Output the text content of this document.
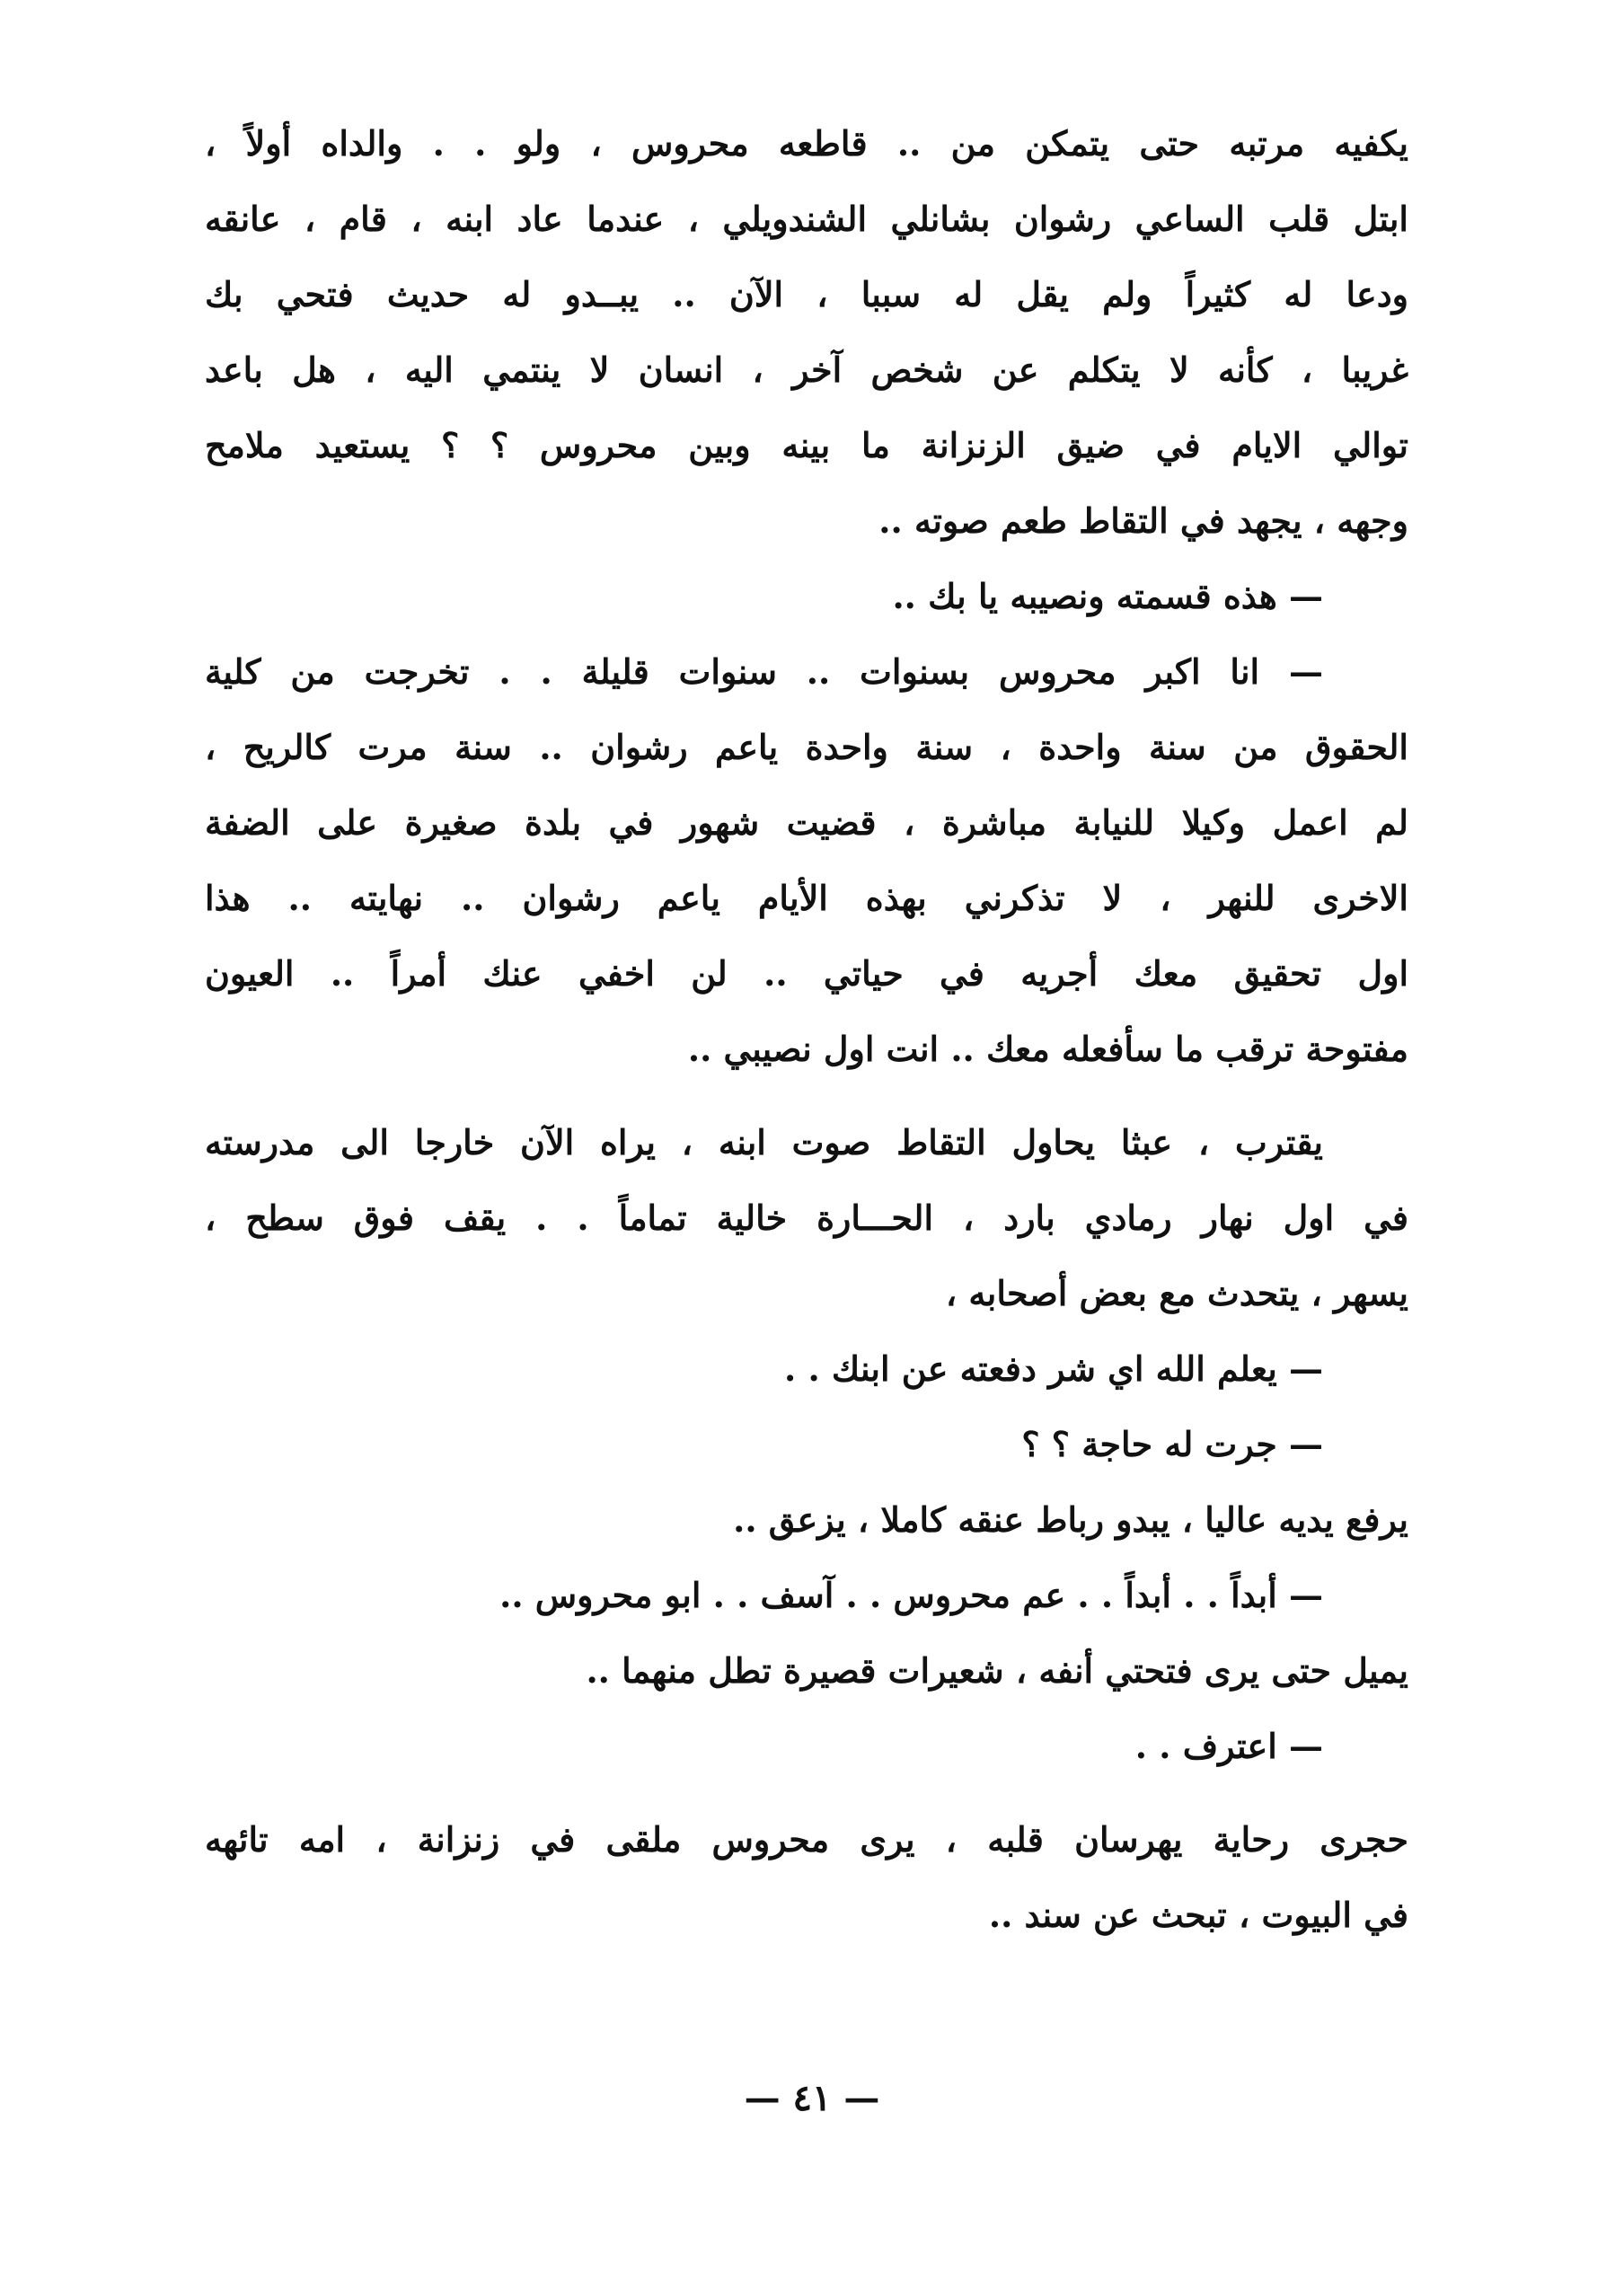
يكفيه مرتبه حتى يتمكن من .. قاطعه محروس ، ولو . . والداه أولاً ،
ابتل قلب الساعي رشوان بشانلي الشندويلي ، عندما عاد ابنه ، قام ، عانقه
ودعا له كثيراً ولم يقل له سببا ، الآن .. يبــدو له حديث فتحي بك
غريبا ، كأنه لا يتكلم عن شخص آخر ، انسان لا ينتمي اليه ، هل باعد
توالي الايام في ضيق الزنزانة ما بينه وبين محروس ؟ ؟ يستعيد ملامح
وجهه ، يجهد في التقاط طعم صوته ..
— هذه قسمته ونصيبه يا بك ..
— انا اكبر محروس بسنوات .. سنوات قليلة . . تخرجت من كلية
الحقوق من سنة واحدة ، سنة واحدة ياعم رشوان .. سنة مرت كالريح ،
لم اعمل وكيلا للنيابة مباشرة ، قضيت شهور في بلدة صغيرة على الضفة
الاخرى للنهر ، لا تذكرني بهذه الأيام ياعم رشوان .. نهايته .. هذا
اول تحقيق معك أجريه في حياتي .. لن اخفي عنك أمراً .. العيون
مفتوحة ترقب ما سأفعله معك .. انت اول نصيبي ..
يقترب ، عبثا يحاول التقاط صوت ابنه ، يراه الآن خارجا الى مدرسته
في اول نهار رمادي بارد ، الحـــارة خالية تماماً . . يقف فوق سطح ،
يسهر ، يتحدث مع بعض أصحابه ،
— يعلم الله اي شر دفعته عن ابنك . .
— جرت له حاجة ؟ ؟
يرفع يديه عاليا ، يبدو رباط عنقه كاملا ، يزعق ..
— أبداً . . أبداً . . عم محروس . . آسف . . ابو محروس ..
يميل حتى يرى فتحتي أنفه ، شعيرات قصيرة تطل منهما ..
— اعترف . .
حجرى رحاية يهرسان قلبه ، يرى محروس ملقى في زنزانة ، امه تائهه
في البيوت ، تبحث عن سند ..
— ٤١ —
